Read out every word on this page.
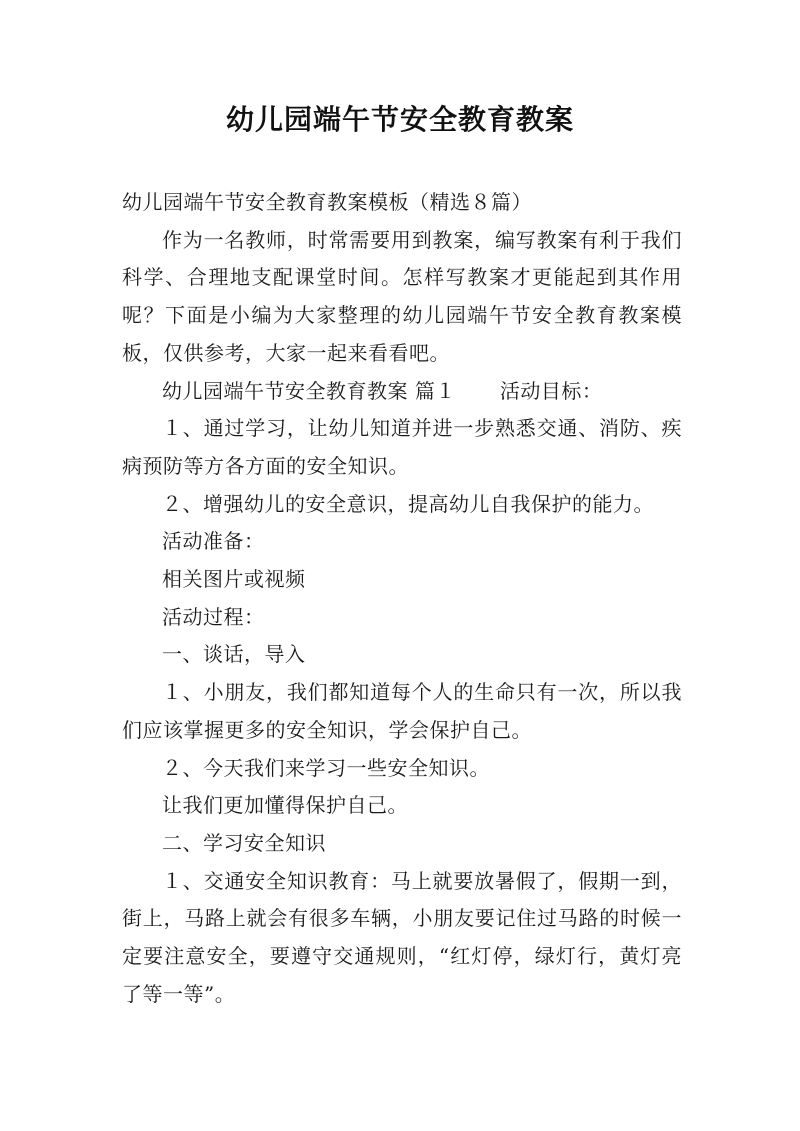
幼儿园端午节安全教育教案

幼儿园端午节安全教育教案模板（精选８篇）

作为一名教师，时常需要用到教案，编写教案有利于我们科学、合理地支配课堂时间。怎样写教案才更能起到其作用呢？下面是小编为大家整理的幼儿园端午节安全教育教案模板，仅供参考，大家一起来看看吧。

幼儿园端午节安全教育教案 篇１ 活动目标：

１、通过学习，让幼儿知道并进一步熟悉交通、消防、疾病预防等方各方面的安全知识。

２、增强幼儿的安全意识，提高幼儿自我保护的能力。

活动准备：

相关图片或视频

活动过程：

一、谈话，导入

１、小朋友，我们都知道每个人的生命只有一次，所以我们应该掌握更多的安全知识，学会保护自己。

２、今天我们来学习一些安全知识。

让我们更加懂得保护自己。

二、学习安全知识

１、交通安全知识教育：马上就要放暑假了，假期一到，街上，马路上就会有很多车辆，小朋友要记住过马路的时候一定要注意安全，要遵守交通规则，“红灯停，绿灯行，黄灯亮了等一等”。
